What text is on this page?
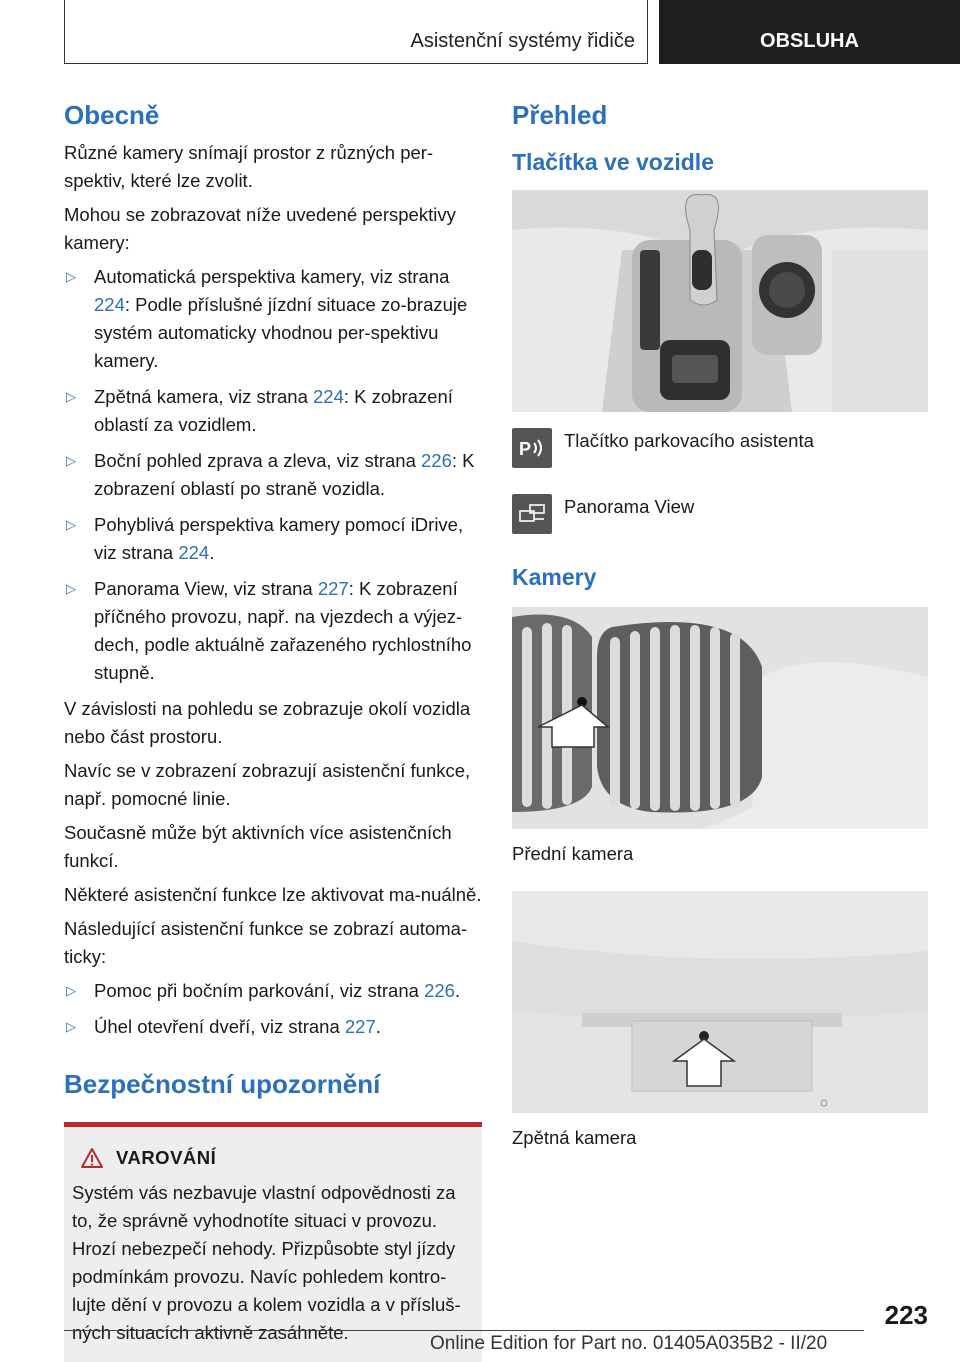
Asistenční systémy řidiče	OBSLUHA
Obecně

Různé kamery snímají prostor z různých per-spektiv, které lze zvolit.

Mohou se zobrazovat níže uvedené perspektivy kamery:

▷ Automatická perspektiva kamery, viz strana 224: Podle příslušné jízdní situace zo-brazuje systém automaticky vhodnou per-spektivu kamery.
▷ Zpětná kamera, viz strana 224: K zobrazení oblastí za vozidlem.
▷ Boční pohled zprava a zleva, viz strana 226: K zobrazení oblastí po straně vozidla.
▷ Pohyblivá perspektiva kamery pomocí iDrive, viz strana 224.
▷ Panorama View, viz strana 227: K zobrazení příčného provozu, např. na vjezdech a výjez-dech, podle aktuálně zařazeného rychlostního stupně.

V závislosti na pohledu se zobrazuje okolí vozidla nebo část prostoru.

Navíc se v zobrazení zobrazují asistenční funkce, např. pomocné linie.

Současně může být aktivních více asistenčních funkcí.

Některé asistenční funkce lze aktivovat ma-nuálně.

Následující asistenční funkce se zobrazí automa-ticky:

▷ Pomoc při bočním parkování, viz strana 226.
▷ Úhel otevření dveří, viz strana 227.
Bezpečnostní upozornění
VAROVÁNÍ

Systém vás nezbavuje vlastní odpovědnosti za to, že správně vyhodnotíte situaci v provozu. Hrozí nebezpečí nehody. Přizpůsobte styl jízdy podmínkám provozu. Navíc pohledem kontro-lujte dění v provozu a kolem vozidla a v přísluš-ných situacích aktivně zasáhněte.

Přehled
Tlačítka ve vozidle
P Tlačítko parkovacího asistenta
Panorama View
Kamery

Přední kamera

Zpětná kamera

223
Online Edition for Part no. 01405A035B2 - II/20
